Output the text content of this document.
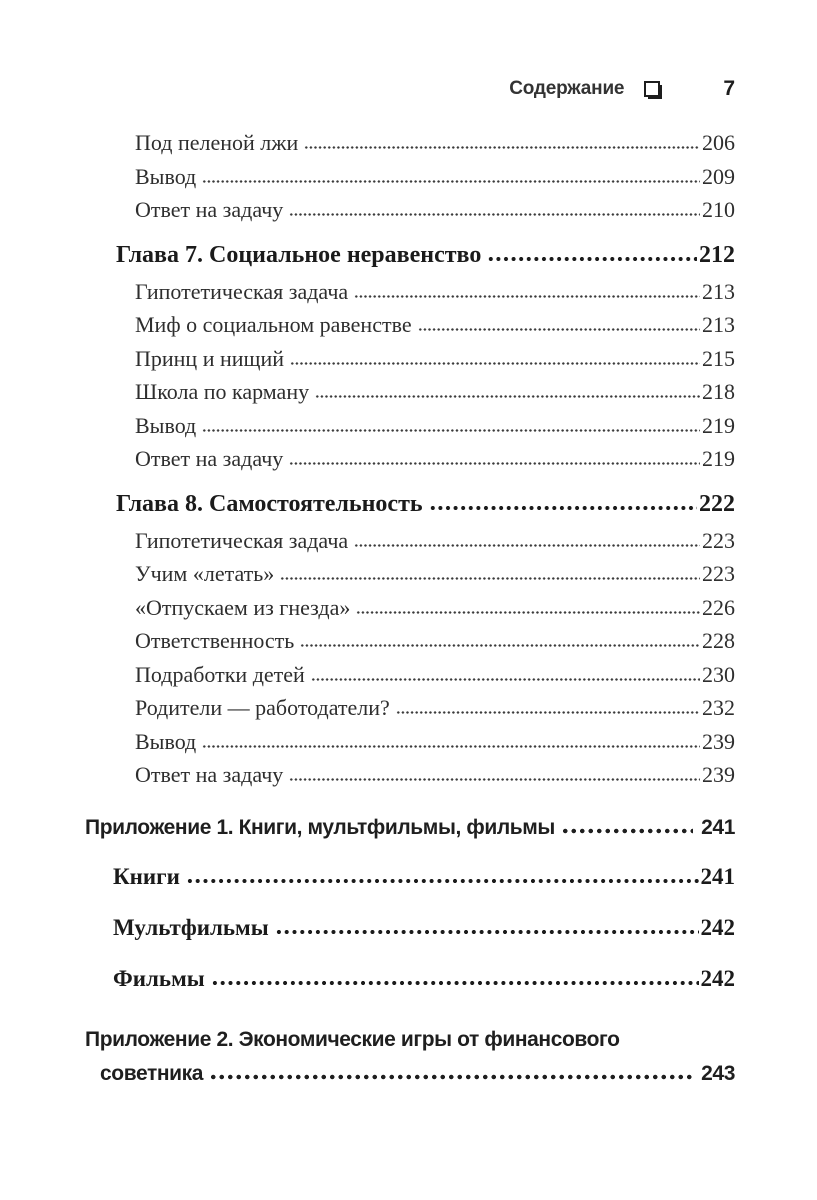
Содержание	7
Под пеленой лжи	206
Вывод	209
Ответ на задачу	210
Глава 7. Социальное неравенство	212
Гипотетическая задача	213
Миф о социальном равенстве	213
Принц и нищий	215
Школа по карману	218
Вывод	219
Ответ на задачу	219
Глава 8. Самостоятельность	222
Гипотетическая задача	223
Учим «летать»	223
«Отпускаем из гнезда»	226
Ответственность	228
Подработки детей	230
Родители — работодатели?	232
Вывод	239
Ответ на задачу	239
Приложение 1. Книги, мультфильмы, фильмы	241
Книги	241
Мультфильмы	242
Фильмы	242
Приложение 2. Экономические игры от финансового
советника	243
